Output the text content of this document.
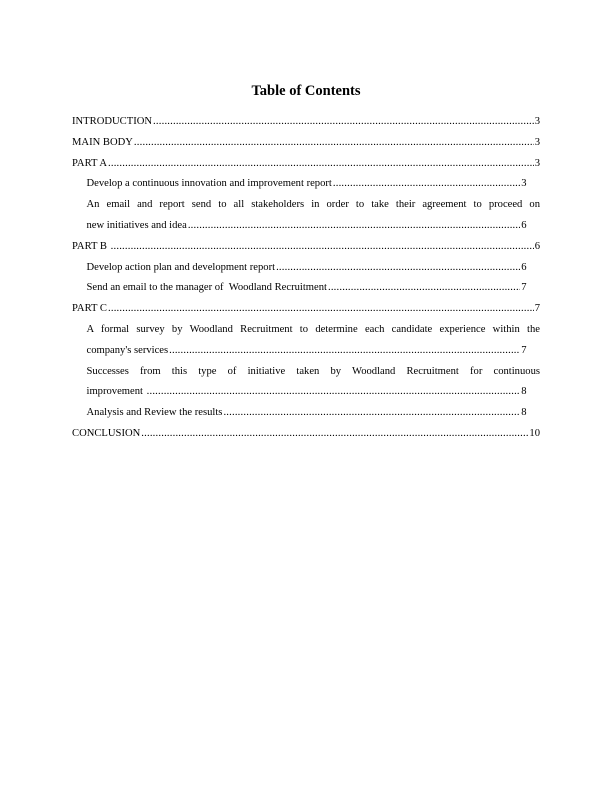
Table of Contents
INTRODUCTION .....	3
MAIN BODY .....	3
PART A .....	3
Develop a continuous innovation and improvement report .....	3
An email and report send to all stakeholders in order to take their agreement to proceed on
new initiatives and idea .....	6
PART B .....	6
Develop action plan and development report .....	6
Send an email to the manager of  Woodland Recruitment .....	7
PART C .....	7
A formal survey by Woodland Recruitment to determine each candidate experience within the
company's services .....	7
Successes from this type of initiative taken by Woodland Recruitment for continuous
improvement .....	8
Analysis and Review the results .....	8
CONCLUSION .....	10
